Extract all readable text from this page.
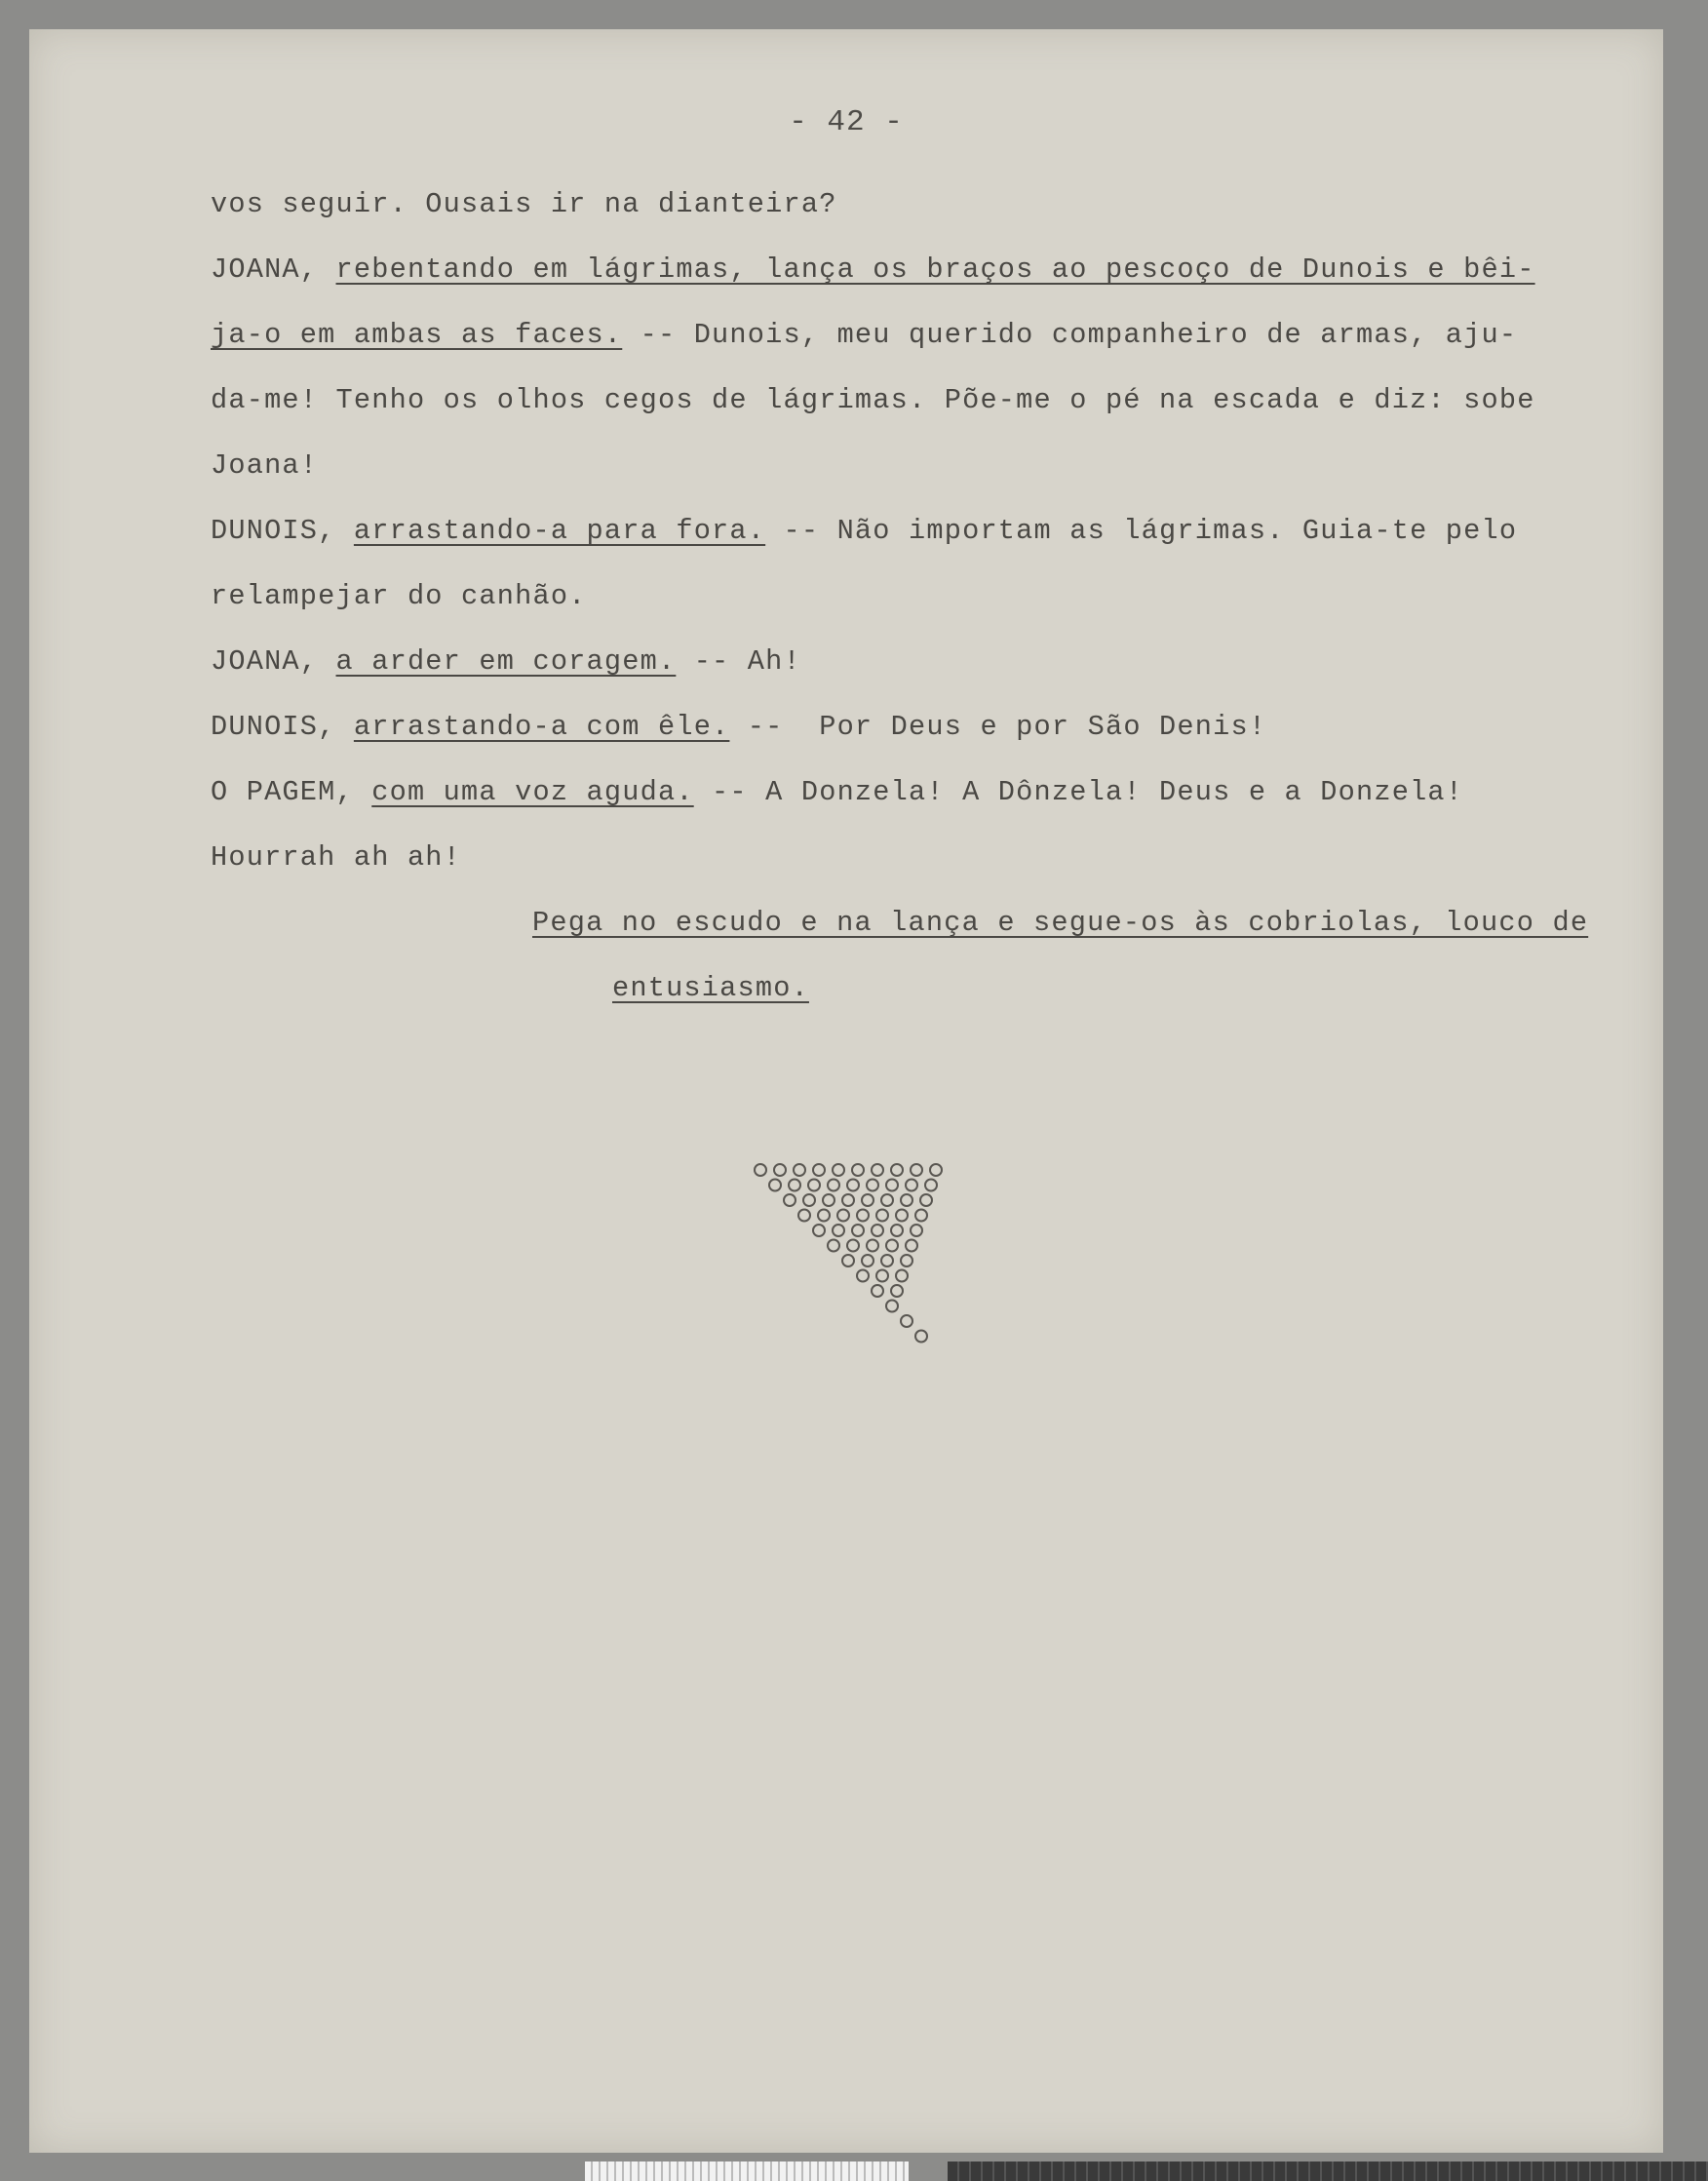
- 42 -
vos seguir. Ousais ir na dianteira?
JOANA, rebentando em lágrimas, lança os braços ao pescoço de Dunois e bêi-
ja-o em ambas as faces. -- Dunois, meu querido companheiro de armas, aju-
da-me! Tenho os olhos cegos de lágrimas. Põe-me o pé na escada e diz: sobe
Joana!
DUNOIS, arrastando-a para fora. -- Não importam as lágrimas. Guia-te pelo
relampejar do canhão.
JOANA, a arder em coragem. -- Ah!
DUNOIS, arrastando-a com êle. --  Por Deus e por São Denis!
O PAGEM, com uma voz aguda. -- A Donzela! A Dônzela! Deus e a Donzela!
Hourrah ah ah!
Pega no escudo e na lança e segue-os às cobriolas, louco de
entusiasmo.
